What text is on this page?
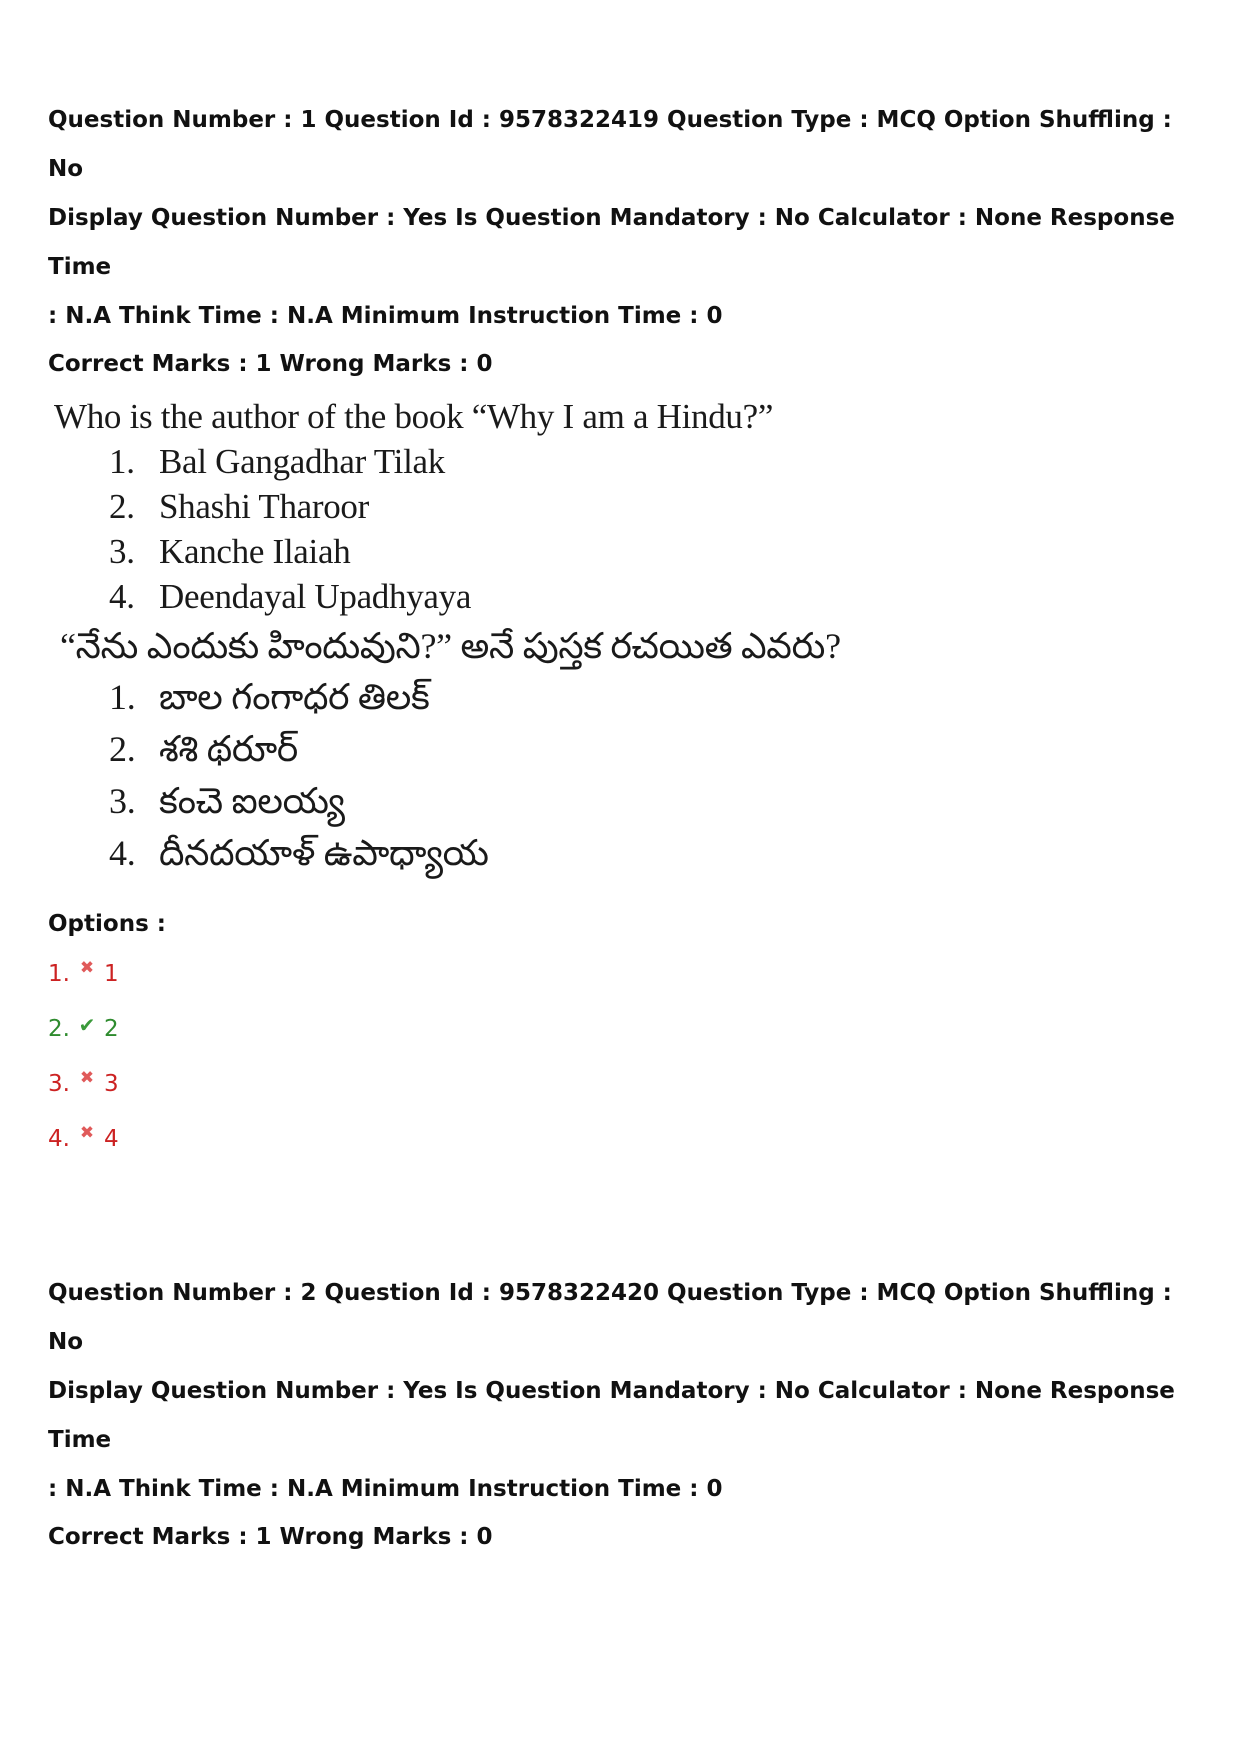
Question Number : 1 Question Id : 9578322419 Question Type : MCQ Option Shuffling : No

Display Question Number : Yes Is Question Mandatory : No Calculator : None Response Time

: N.A Think Time : N.A Minimum Instruction Time : 0

Correct Marks : 1 Wrong Marks : 0

Who is the author of the book “Why I am a Hindu?”
1. Bal Gangadhar Tilak
2. Shashi Tharoor
3. Kanche Ilaiah
4. Deendayal Upadhyaya
“నేను ఎందుకు హిందువుని?” అనే పుస్తక రచయిత ఎవరు?
1. బాల గంగాధర తిలక్
2. శశి థరూర్
3. కంచె ఐలయ్య
4. దీనదయాళ్ ఉపాధ్యాయ

Options :

1. ✖ 1
2. ✔ 2
3. ✖ 3
4. ✖ 4

Question Number : 2 Question Id : 9578322420 Question Type : MCQ Option Shuffling : No

Display Question Number : Yes Is Question Mandatory : No Calculator : None Response Time

: N.A Think Time : N.A Minimum Instruction Time : 0

Correct Marks : 1 Wrong Marks : 0
